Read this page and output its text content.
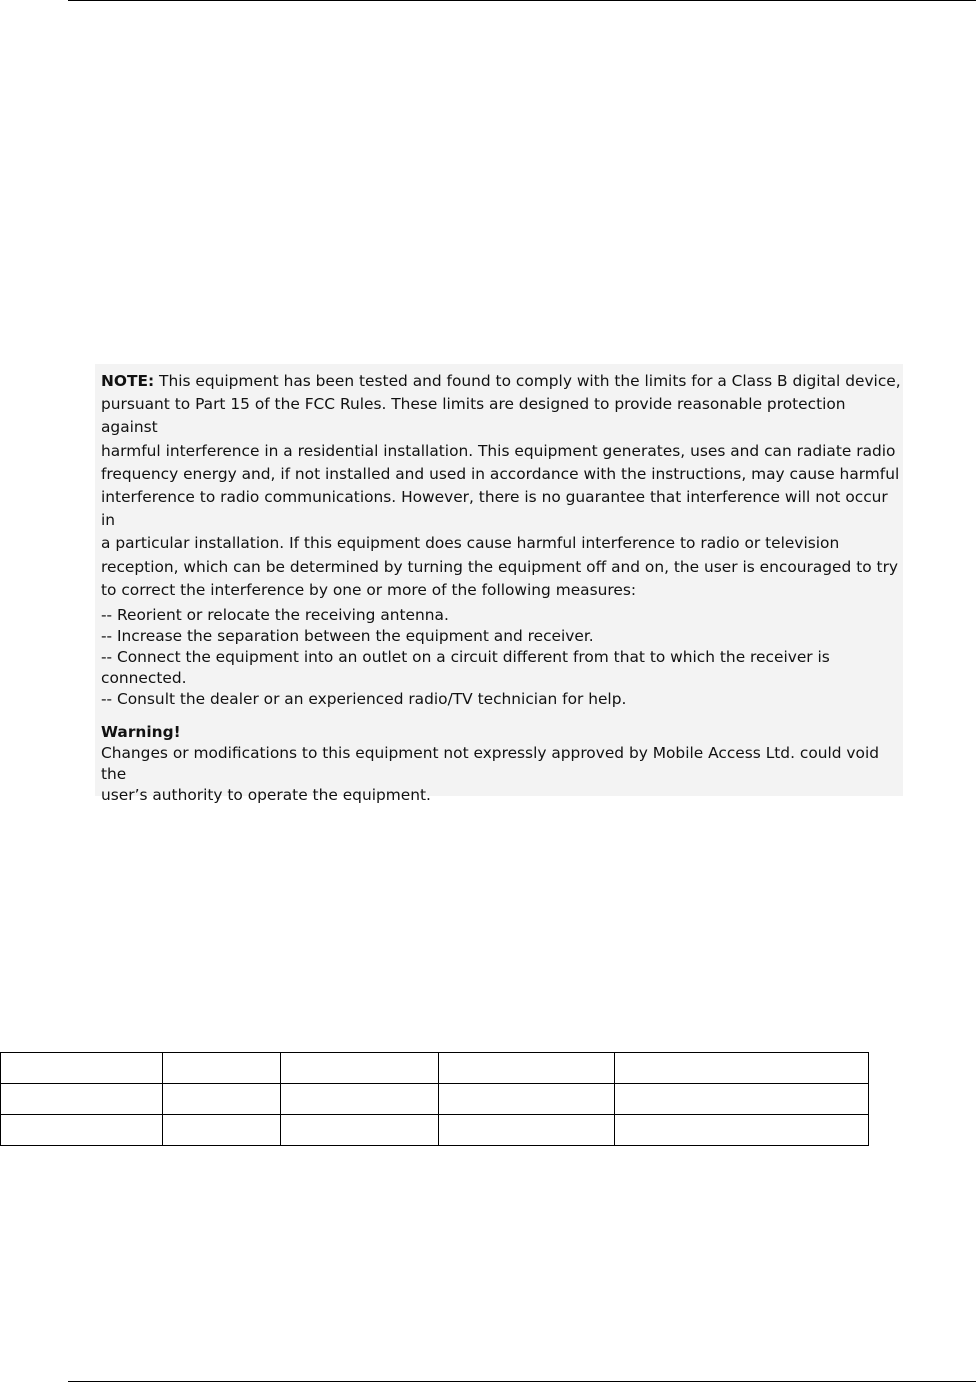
NOTE: This equipment has been tested and found to comply with the limits for a Class B digital device,
pursuant to Part 15 of the FCC Rules. These limits are designed to provide reasonable protection against
harmful interference in a residential installation. This equipment generates, uses and can radiate radio
frequency energy and, if not installed and used in accordance with the instructions, may cause harmful
interference to radio communications. However, there is no guarantee that interference will not occur in
a particular installation. If this equipment does cause harmful interference to radio or television
reception, which can be determined by turning the equipment off and on, the user is encouraged to try
to correct the interference by one or more of the following measures:

-- Reorient or relocate the receiving antenna.

-- Increase the separation between the equipment and receiver.

-- Connect the equipment into an outlet on a circuit different from that to which the receiver is

connected.

-- Consult the dealer or an experienced radio/TV technician for help.

Warning!

Changes or modifications to this equipment not expressly approved by Mobile Access Ltd. could void the
user’s authority to operate the equipment.
